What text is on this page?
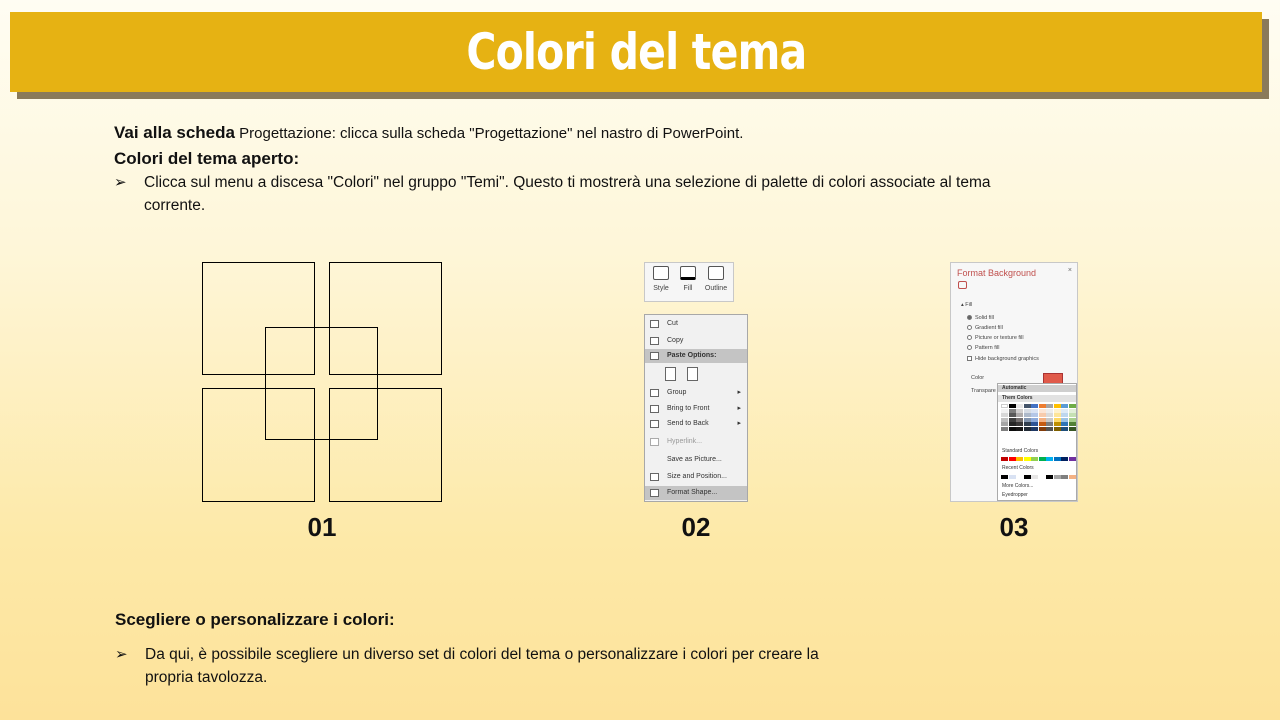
Colori del tema
Vai alla scheda Progettazione: clicca sulla scheda "Progettazione" nel nastro di PowerPoint.
Colori del tema aperto:
➢ Clicca sul menu a discesa "Colori" nel gruppo "Temi". Questo ti mostrerà una selezione di palette di colori associate al tema
corrente.
01
Style	Fill	Outline
Cut
Copy
Paste Options:
Group	▸
Bring to Front	▸
Send to Back	▸
Hyperlink...
Save as Picture...
Size and Position...
Format Shape...
02
Format Background	×
▴ Fill
Solid fill
Gradient fill
Picture or texture fill
Pattern fill
Hide background graphics
Color
Transpare	Automatic
Them Colors
Standard Colors
Recent Colors
More Colors...
Eyedropper
03
Scegliere o personalizzare i colori:
➢ Da qui, è possibile scegliere un diverso set di colori del tema o personalizzare i colori per creare la
propria tavolozza.
